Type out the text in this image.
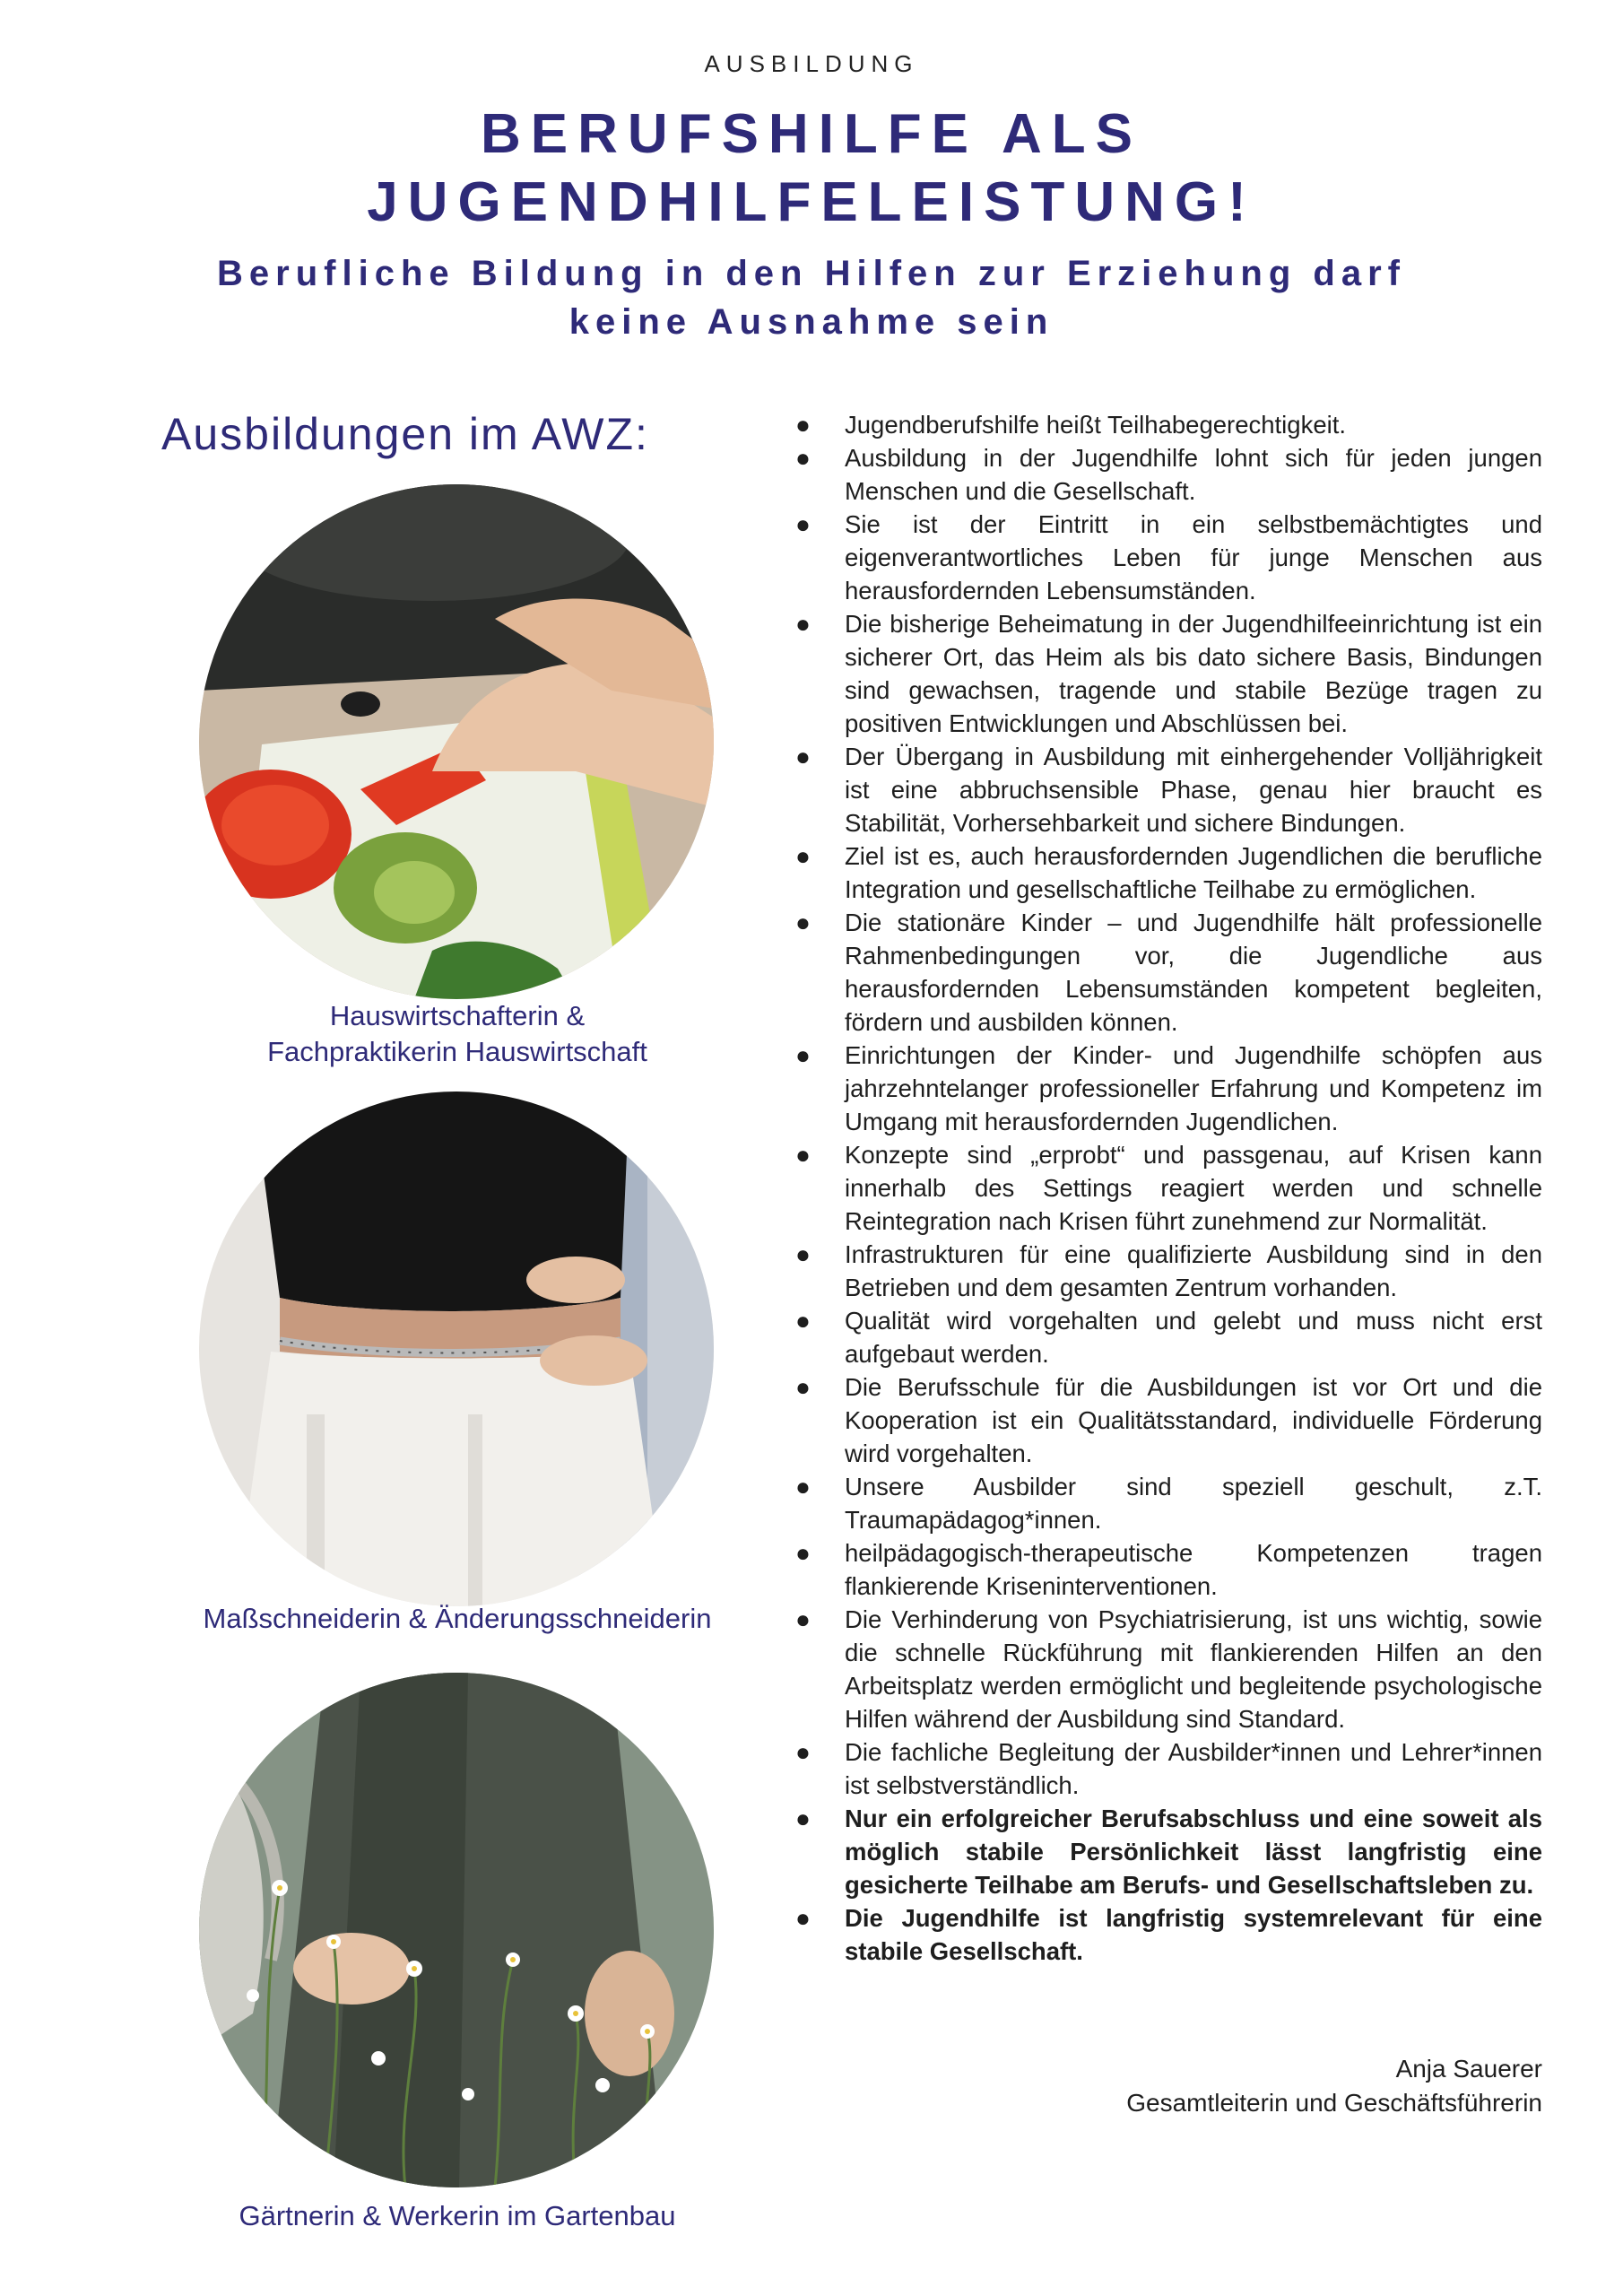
AUSBILDUNG
BERUFSHILFE ALS
JUGENDHILFELEISTUNG!
Berufliche Bildung in den Hilfen zur Erziehung darf
keine Ausnahme sein
Ausbildungen im AWZ:
Hauswirtschafterin &
Fachpraktikerin Hauswirtschaft
Maßschneiderin & Änderungsschneiderin
Gärtnerin & Werkerin im Gartenbau
● Jugendberufshilfe heißt Teilhabegerechtigkeit.
● Ausbildung in der Jugendhilfe lohnt sich für jeden jungen Menschen und die Gesellschaft.
● Sie ist der Eintritt in ein selbstbemächtigtes und eigenverantwortliches Leben für junge Menschen aus herausfordernden Lebensumständen.
● Die bisherige Beheimatung in der Jugendhilfeeinrichtung ist ein sicherer Ort, das Heim als bis dato sichere Basis, Bindungen sind gewachsen, tragende und stabile Bezüge tragen zu positiven Entwicklungen und Abschlüssen bei.
● Der Übergang in Ausbildung mit einhergehender Volljährigkeit ist eine abbruchsensible Phase, genau hier braucht es Stabilität, Vorhersehbarkeit und sichere Bindungen.
● Ziel ist es, auch herausfordernden Jugendlichen die berufliche Integration und gesellschaftliche Teilhabe zu ermöglichen.
● Die stationäre Kinder – und Jugendhilfe hält professionelle Rahmenbedingungen vor, die Jugendliche aus herausfordernden Lebensumständen kompetent begleiten, fördern und ausbilden können.
● Einrichtungen der Kinder- und Jugendhilfe schöpfen aus jahrzehntelanger professioneller Erfahrung und Kompetenz im Umgang mit herausfordernden Jugendlichen.
● Konzepte sind „erprobt“ und passgenau, auf Krisen kann innerhalb des Settings reagiert werden und schnelle Reintegration nach Krisen führt zunehmend zur Normalität.
● Infrastrukturen für eine qualifizierte Ausbildung sind in den Betrieben und dem gesamten Zentrum vorhanden.
● Qualität wird vorgehalten und gelebt und muss nicht erst aufgebaut werden.
● Die Berufsschule für die Ausbildungen ist vor Ort und die Kooperation ist ein Qualitätsstandard, individuelle Förderung wird vorgehalten.
● Unsere Ausbilder sind speziell geschult, z.T. Traumapädagog*innen.
● heilpädagogisch-therapeutische Kompetenzen tragen flankierende Kriseninterventionen.
● Die Verhinderung von Psychiatrisierung, ist uns wichtig, sowie die schnelle Rückführung mit flankierenden Hilfen an den Arbeitsplatz werden ermöglicht und begleitende psychologische Hilfen während der Ausbildung sind Standard.
● Die fachliche Begleitung der Ausbilder*innen und Lehrer*innen ist selbstverständlich.
● Nur ein erfolgreicher Berufsabschluss und eine soweit als möglich stabile Persönlichkeit lässt langfristig eine gesicherte Teilhabe am Berufs- und Gesellschaftsleben zu.
● Die Jugendhilfe ist langfristig systemrelevant für eine stabile Gesellschaft.
Anja Sauerer
Gesamtleiterin und Geschäftsführerin
